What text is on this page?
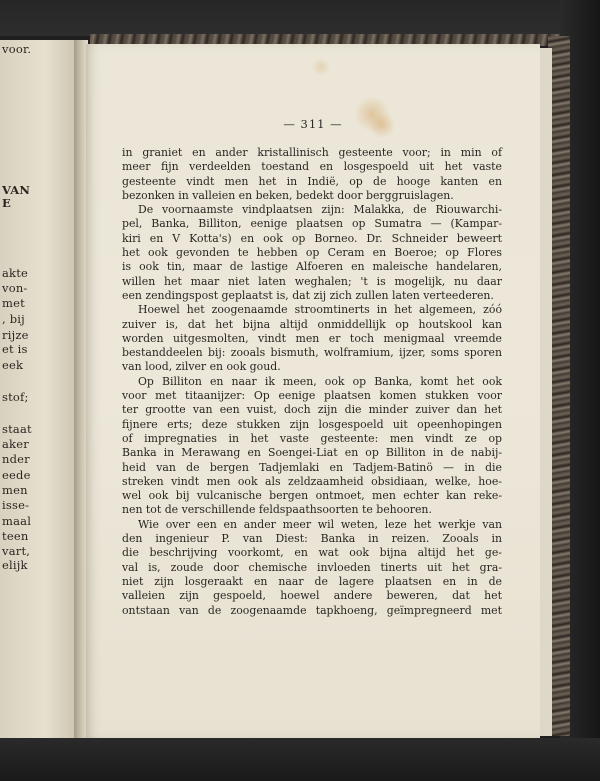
voor.
VAN
E
akte
von-
met
, bij
rijze
et is
eek
stof;
staat
aker
nder
eede
men
isse-
maal
teen
vart,
elijk
— 311 —
in graniet en ander kristallinisch gesteente voor; in min of
meer fijn verdeelden toestand en losgespoeld uit het vaste
gesteente vindt men het in Indië, op de hooge kanten en
bezonken in valleien en beken, bedekt door berggruislagen.
De voornaamste vindplaatsen zijn: Malakka, de Riouwarchi-
pel, Banka, Billiton, eenige plaatsen op Sumatra — (Kampar-
kiri en V Kotta's) en ook op Borneo. Dr. Schneider beweert
het ook gevonden te hebben op Ceram en Boeroe; op Flores
is ook tin, maar de lastige Alfoeren en maleische handelaren,
willen het maar niet laten weghalen; 't is mogelijk, nu daar
een zendingspost geplaatst is, dat zij zich zullen laten verteederen.
Hoewel het zoogenaamde stroomtinerts in het algemeen, zóó
zuiver is, dat het bijna altijd onmiddellijk op houtskool kan
worden uitgesmolten, vindt men er toch menigmaal vreemde
bestanddeelen bij: zooals bismuth, wolframium, ijzer, soms sporen
van lood, zilver en ook goud.
Op Billiton en naar ik meen, ook op Banka, komt het ook
voor met titaanijzer: Op eenige plaatsen komen stukken voor
ter grootte van een vuist, doch zijn die minder zuiver dan het
fijnere erts; deze stukken zijn losgespoeld uit opeenhopingen
of impregnaties in het vaste gesteente: men vindt ze op
Banka in Merawang en Soengei-Liat en op Billiton in de nabij-
heid van de bergen Tadjemlaki en Tadjem-Batinö — in die
streken vindt men ook als zeldzaamheid obsidiaan, welke, hoe-
wel ook bij vulcanische bergen ontmoet, men echter kan reke-
nen tot de verschillende feldspaathsoorten te behooren.
Wie over een en ander meer wil weten, leze het werkje van
den ingenieur P. van Diest: Banka in reizen. Zooals in
die beschrijving voorkomt, en wat ook bijna altijd het ge-
val is, zoude door chemische invloeden tinerts uit het gra-
niet zijn losgeraakt en naar de lagere plaatsen en in de
valleien zijn gespoeld, hoewel andere beweren, dat het
ontstaan van de zoogenaamde tapkhoeng, geïmpregneerd met
